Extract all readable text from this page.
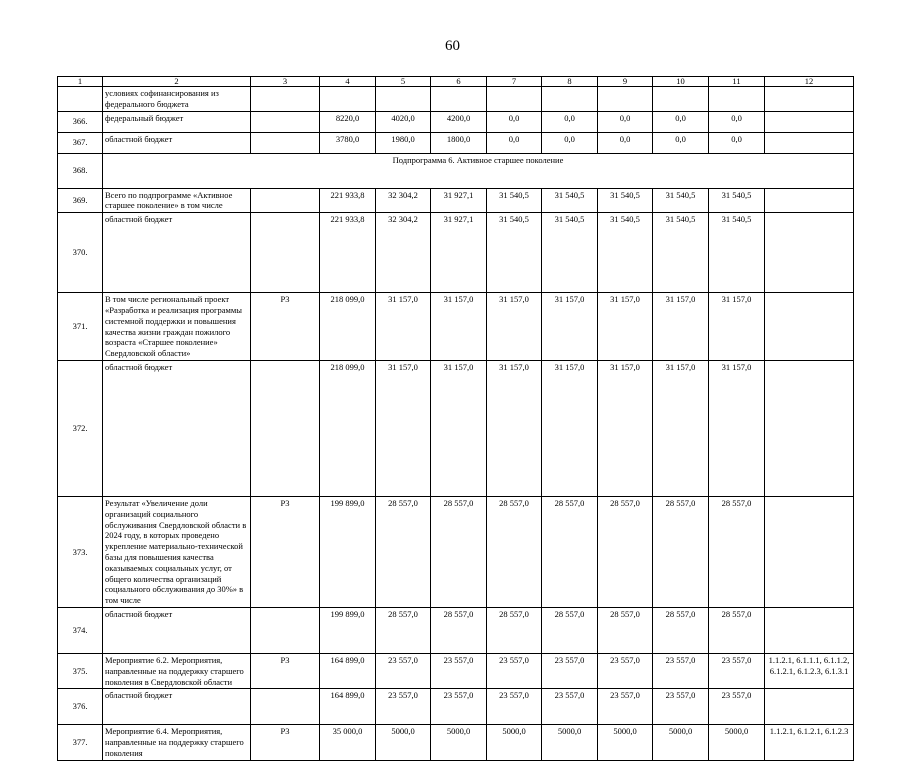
60
1	2	3	4	5	6	7	8	9	10	11	12
	условиях софинансирования из федерального бюджета										
366.	федеральный бюджет		8220,0	4020,0	4200,0	0,0	0,0	0,0	0,0	0,0	
367.	областной бюджет		3780,0	1980,0	1800,0	0,0	0,0	0,0	0,0	0,0	
368.	Подпрограмма 6. Активное старшее поколение										
369.	Всего по подпрограмме «Активное старшее поколение» в том числе		221 933,8	32 304,2	31 927,1	31 540,5	31 540,5	31 540,5	31 540,5	31 540,5	
370.	областной бюджет		221 933,8	32 304,2	31 927,1	31 540,5	31 540,5	31 540,5	31 540,5	31 540,5	
371.	В том числе региональный проект «Разработка и реализация программы системной поддержки и повышения качества жизни граждан пожилого возраста «Старшее поколение» Свердловской области»	Р3	218 099,0	31 157,0	31 157,0	31 157,0	31 157,0	31 157,0	31 157,0	31 157,0	
372.	областной бюджет		218 099,0	31 157,0	31 157,0	31 157,0	31 157,0	31 157,0	31 157,0	31 157,0	
373.	Результат «Увеличение доли организаций социального обслуживания Свердловской области в 2024 году, в которых проведено укрепление материально-технической базы для повышения качества оказываемых социальных услуг, от общего количества организаций социального обслуживания до 30%» в том числе	Р3	199 899,0	28 557,0	28 557,0	28 557,0	28 557,0	28 557,0	28 557,0	28 557,0	
374.	областной бюджет		199 899,0	28 557,0	28 557,0	28 557,0	28 557,0	28 557,0	28 557,0	28 557,0	
375.	Мероприятие 6.2. Мероприятия, направленные на поддержку старшего поколения в Свердловской области	Р3	164 899,0	23 557,0	23 557,0	23 557,0	23 557,0	23 557,0	23 557,0	23 557,0	1.1.2.1, 6.1.1.1, 6.1.1.2, 6.1.2.1, 6.1.2.3, 6.1.3.1
376.	областной бюджет		164 899,0	23 557,0	23 557,0	23 557,0	23 557,0	23 557,0	23 557,0	23 557,0	
377.	Мероприятие 6.4. Мероприятия, направленные на поддержку старшего поколения	Р3	35 000,0	5000,0	5000,0	5000,0	5000,0	5000,0	5000,0	5000,0	1.1.2.1, 6.1.2.1, 6.1.2.3
